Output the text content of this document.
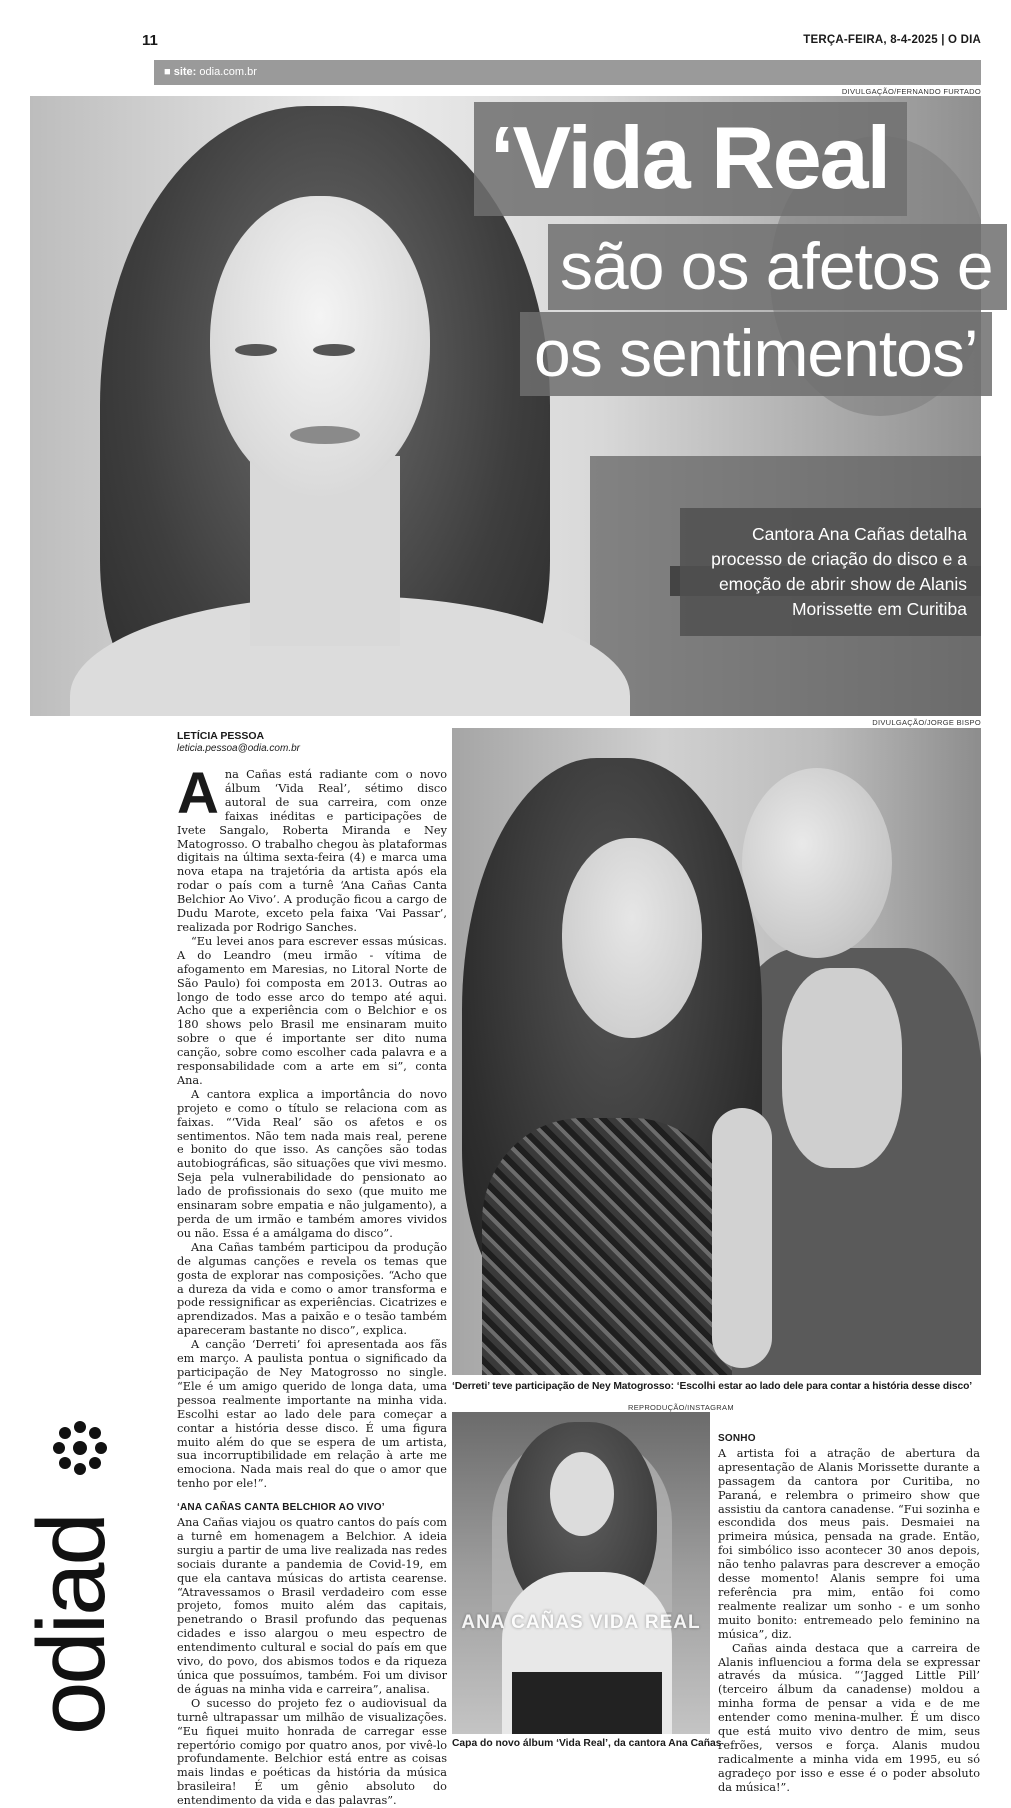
11	TERÇA-FEIRA, 8-4-2025 | O DIA
■ site: odia.com.br
DIVULGAÇÃO/FERNANDO FURTADO
‘Vida Real
são os afetos e
os sentimentos’
Cantora Ana Cañas detalha processo de criação do disco e a emoção de abrir show de Alanis Morissette em Curitiba
LETÍCIA PESSOA
leticia.pessoa@odia.com.br

Ana Cañas está radiante com o novo álbum ‘Vida Real’, sétimo disco autoral de sua carreira, com onze faixas inéditas e participações de Ivete Sangalo, Roberta Miranda e Ney Matogrosso. O trabalho chegou às plataformas digitais na última sexta-feira (4) e marca uma nova etapa na trajetória da artista após ela rodar o país com a turnê ‘Ana Cañas Canta Belchior Ao Vivo’. A produção ficou a cargo de Dudu Marote, exceto pela faixa ‘Vai Passar’, realizada por Rodrigo Sanches.

“Eu levei anos para escrever essas músicas. A do Leandro (meu irmão - vítima de afogamento em Maresias, no Litoral Norte de São Paulo) foi composta em 2013. Outras ao longo de todo esse arco do tempo até aqui. Acho que a experiência com o Belchior e os 180 shows pelo Brasil me ensinaram muito sobre o que é importante ser dito numa canção, sobre como escolher cada palavra e a responsabilidade com a arte em si”, conta Ana.

A cantora explica a importância do novo projeto e como o título se relaciona com as faixas. “‘Vida Real’ são os afetos e os sentimentos. Não tem nada mais real, perene e bonito do que isso. As canções são todas autobiográficas, são situações que vivi mesmo. Seja pela vulnerabilidade do pensionato ao lado de profissionais do sexo (que muito me ensinaram sobre empatia e não julgamento), a perda de um irmão e também amores vividos ou não. Essa é a amálgama do disco”.

Ana Cañas também participou da produção de algumas canções e revela os temas que gosta de explorar nas composições. “Acho que a dureza da vida e como o amor transforma e pode ressignificar as experiências. Cicatrizes e aprendizados. Mas a paixão e o tesão também apareceram bastante no disco”, explica.

A canção ‘Derreti’ foi apresentada aos fãs em março. A paulista pontua o significado da participação de Ney Matogrosso no single. “Ele é um amigo querido de longa data, uma pessoa realmente importante na minha vida. Escolhi estar ao lado dele para começar a contar a história desse disco. É uma figura muito além do que se espera de um artista, sua incorruptibilidade em relação à arte me emociona. Nada mais real do que o amor que tenho por ele!”.

‘ANA CAÑAS CANTA BELCHIOR AO VIVO’

Ana Cañas viajou os quatro cantos do país com a turnê em homenagem a Belchior. A ideia surgiu a partir de uma live realizada nas redes sociais durante a pandemia de Covid-19, em que ela cantava músicas do artista cearense. “Atravessamos o Brasil verdadeiro com esse projeto, fomos muito além das capitais, penetrando o Brasil profundo das pequenas cidades e isso alargou o meu espectro de entendimento cultural e social do país em que vivo, do povo, dos abismos todos e da riqueza única que possuímos, também. Foi um divisor de águas na minha vida e carreira”, analisa.

O sucesso do projeto fez o audiovisual da turnê ultrapassar um milhão de visualizações. “Eu fiquei muito honrada de carregar esse repertório comigo por quatro anos, por vivê-lo profundamente. Belchior está entre as coisas mais lindas e poéticas da história da música brasileira! É um gênio absoluto do entendimento da vida e das palavras”.

DIVULGAÇÃO/JORGE BISPO
‘Derreti’ teve participação de Ney Matogrosso: ‘Escolhi estar ao lado dele para contar a história desse disco’
REPRODUÇÃO/INSTAGRAM
ANA CAÑAS VIDA REAL
Capa do novo álbum ‘Vida Real’, da cantora Ana Cañas
SONHO

A artista foi a atração de abertura da apresentação de Alanis Morissette durante a passagem da cantora por Curitiba, no Paraná, e relembra o primeiro show que assistiu da cantora canadense. “Fui sozinha e escondida dos meus pais. Desmaiei na primeira música, pensada na grade. Então, foi simbólico isso acontecer 30 anos depois, não tenho palavras para descrever a emoção desse momento! Alanis sempre foi uma referência pra mim, então foi como realmente realizar um sonho - e um sonho muito bonito: entremeado pelo feminino na música”, diz.

Cañas ainda destaca que a carreira de Alanis influenciou a forma dela se expressar através da música. “‘Jagged Little Pill’ (terceiro álbum da canadense) moldou a minha forma de pensar a vida e de me entender como menina-mulher. É um disco que está muito vivo dentro de mim, seus refrões, versos e força. Alanis mudou radicalmente a minha vida em 1995, eu só agradeço por isso e esse é o poder absoluto da música!”.

odiad
